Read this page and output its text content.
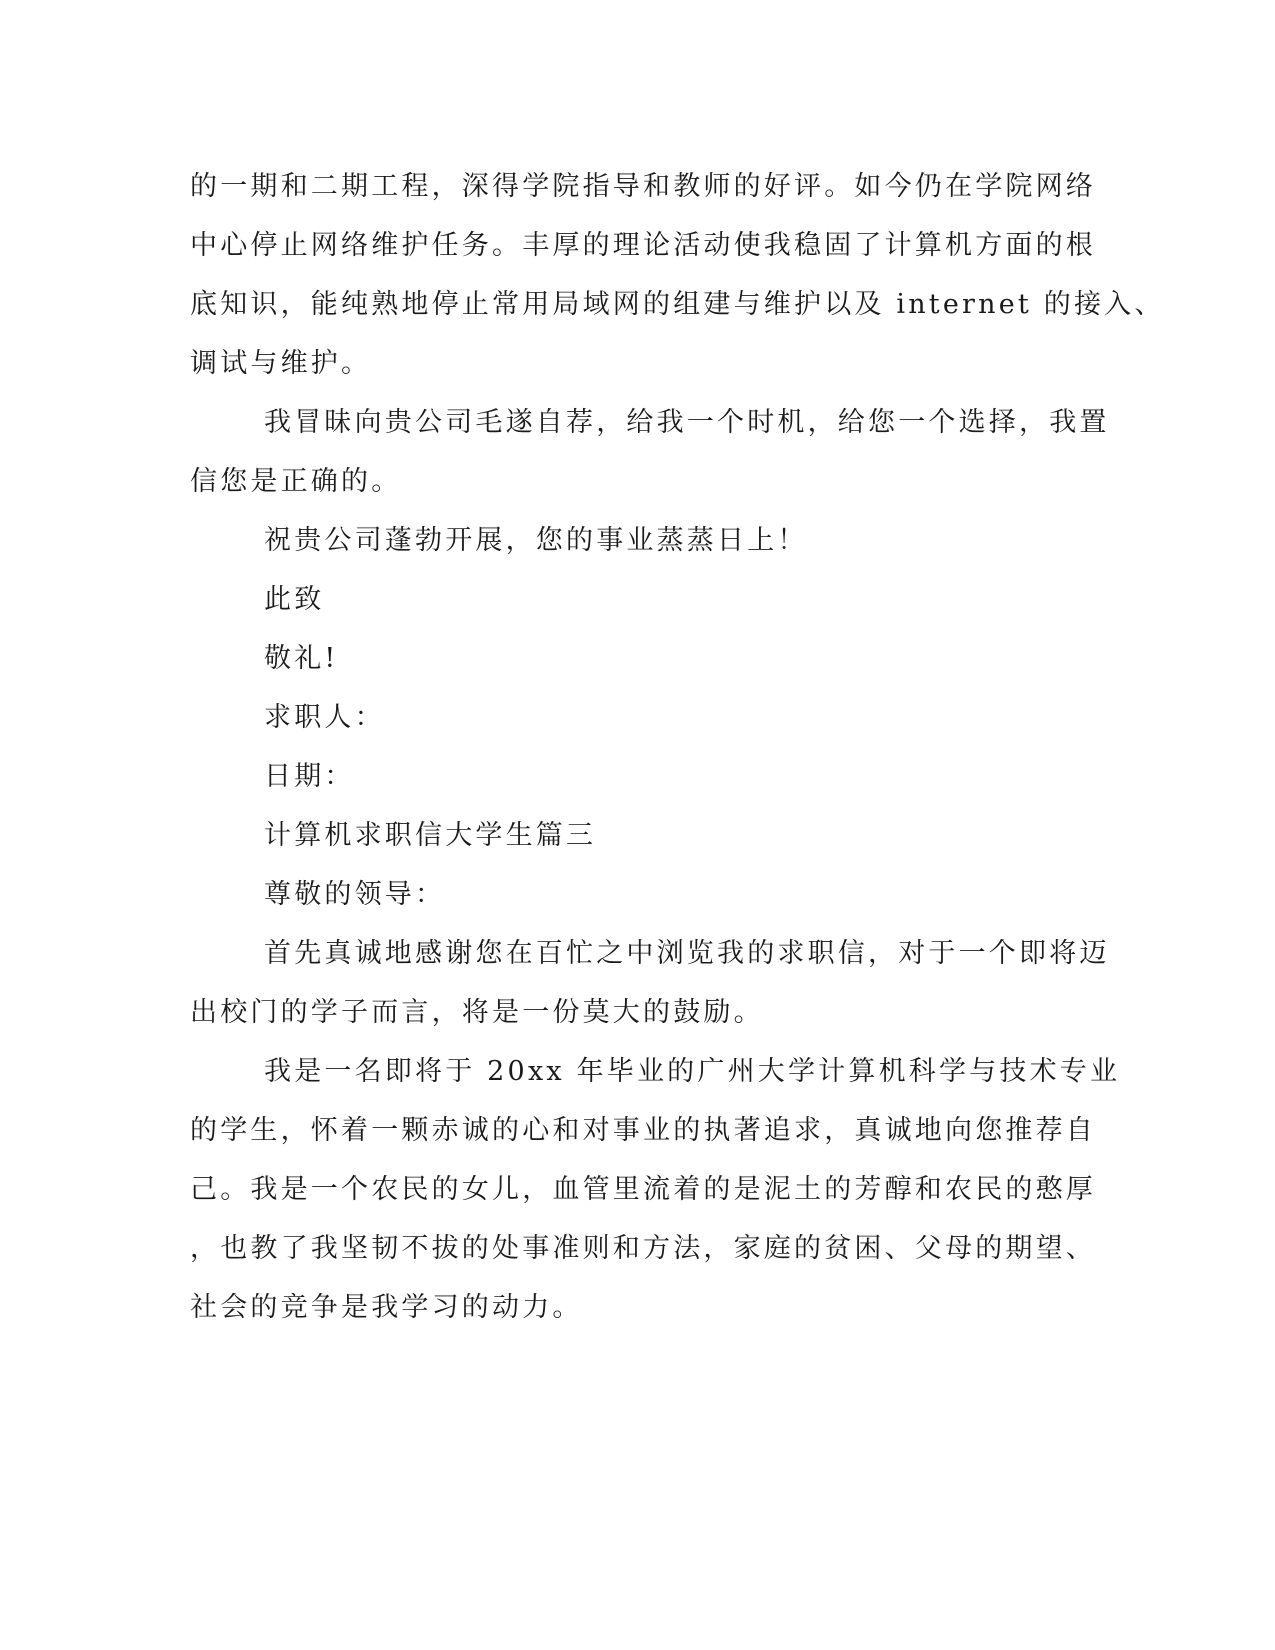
的一期和二期工程，深得学院指导和教师的好评。如今仍在学院网络

中心停止网络维护任务。丰厚的理论活动使我稳固了计算机方面的根

底知识，能纯熟地停止常用局域网的组建与维护以及 internet 的接入、

调试与维护。

我冒昧向贵公司毛遂自荐，给我一个时机，给您一个选择，我置

信您是正确的。

祝贵公司蓬勃开展，您的事业蒸蒸日上！

此致

敬礼!

求职人：

日期：

计算机求职信大学生篇三

尊敬的领导：

首先真诚地感谢您在百忙之中浏览我的求职信，对于一个即将迈

出校门的学子而言，将是一份莫大的鼓励。

我是一名即将于 20xx 年毕业的广州大学计算机科学与技术专业

的学生，怀着一颗赤诚的心和对事业的执著追求，真诚地向您推荐自

己。我是一个农民的女儿，血管里流着的是泥土的芳醇和农民的憨厚

，也教了我坚韧不拔的处事准则和方法，家庭的贫困、父母的期望、

社会的竞争是我学习的动力。
